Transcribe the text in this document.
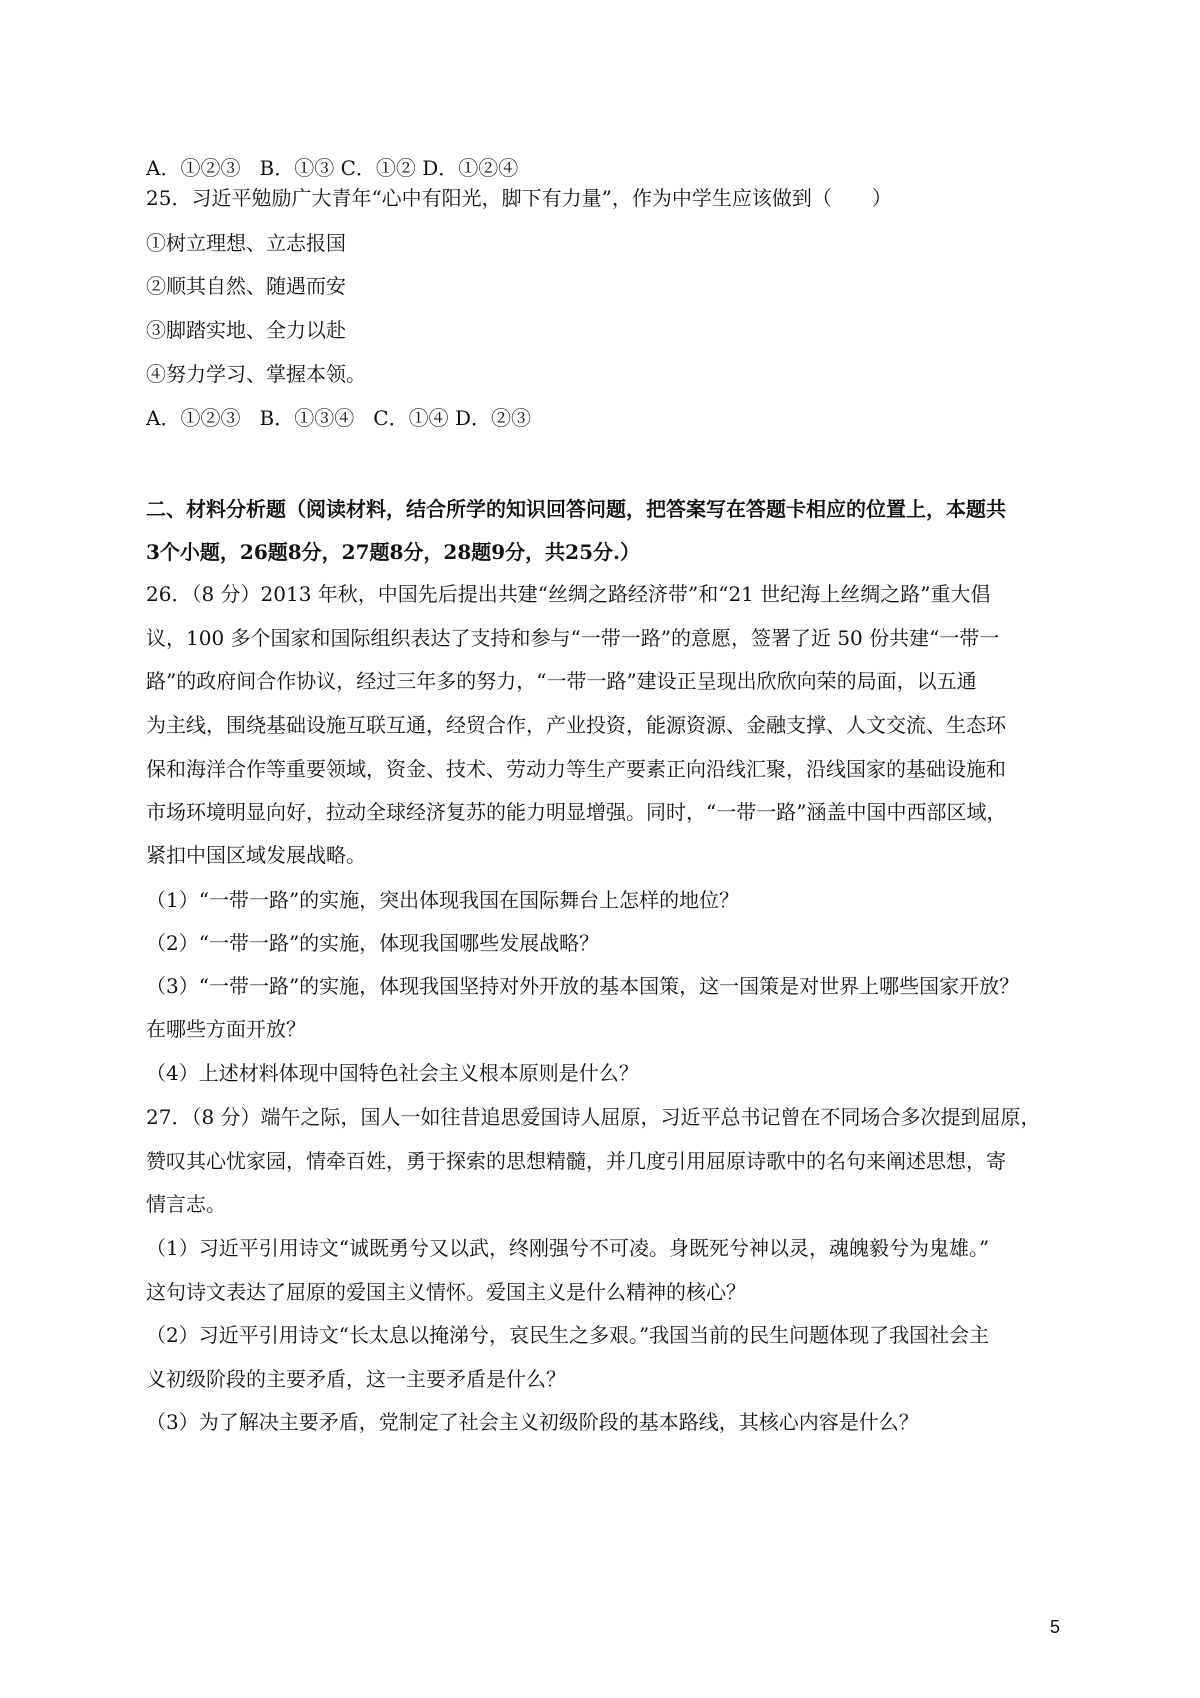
A．①②③   B．①③ C．①② D．①②④
25．习近平勉励广大青年“心中有阳光，脚下有力量”，作为中学生应该做到（　　）
①树立理想、立志报国
②顺其自然、随遇而安
③脚踏实地、全力以赴
④努力学习、掌握本领。
A．①②③   B．①③④   C．①④ D．②③
二、材料分析题（阅读材料，结合所学的知识回答问题，把答案写在答题卡相应的位置上，本题共
3个小题，26题8分，27题8分，28题9分，共25分.）
26．（8 分）2013 年秋，中国先后提出共建“丝绸之路经济带”和“21 世纪海上丝绸之路”重大倡
议，100 多个国家和国际组织表达了支持和参与“一带一路”的意愿，签署了近 50 份共建“一带一
路”的政府间合作协议，经过三年多的努力，“一带一路”建设正呈现出欣欣向荣的局面，以五通
为主线，围绕基础设施互联互通，经贸合作，产业投资，能源资源、金融支撑、人文交流、生态环
保和海洋合作等重要领域，资金、技术、劳动力等生产要素正向沿线汇聚，沿线国家的基础设施和
市场环境明显向好，拉动全球经济复苏的能力明显增强。同时，“一带一路”涵盖中国中西部区域，
紧扣中国区域发展战略。
（1）“一带一路”的实施，突出体现我国在国际舞台上怎样的地位？
（2）“一带一路”的实施，体现我国哪些发展战略？
（3）“一带一路”的实施，体现我国坚持对外开放的基本国策，这一国策是对世界上哪些国家开放？
在哪些方面开放？
（4）上述材料体现中国特色社会主义根本原则是什么？
27．（8 分）端午之际，国人一如往昔追思爱国诗人屈原，习近平总书记曾在不同场合多次提到屈原，
赞叹其心忧家园，情牵百姓，勇于探索的思想精髓，并几度引用屈原诗歌中的名句来阐述思想，寄
情言志。
（1）习近平引用诗文“诚既勇兮又以武，终刚强兮不可凌。身既死兮神以灵，魂魄毅兮为鬼雄。”
这句诗文表达了屈原的爱国主义情怀。爱国主义是什么精神的核心？
（2）习近平引用诗文“长太息以掩涕兮，哀民生之多艰。”我国当前的民生问题体现了我国社会主
义初级阶段的主要矛盾，这一主要矛盾是什么？
（3）为了解决主要矛盾，党制定了社会主义初级阶段的基本路线，其核心内容是什么？
5
